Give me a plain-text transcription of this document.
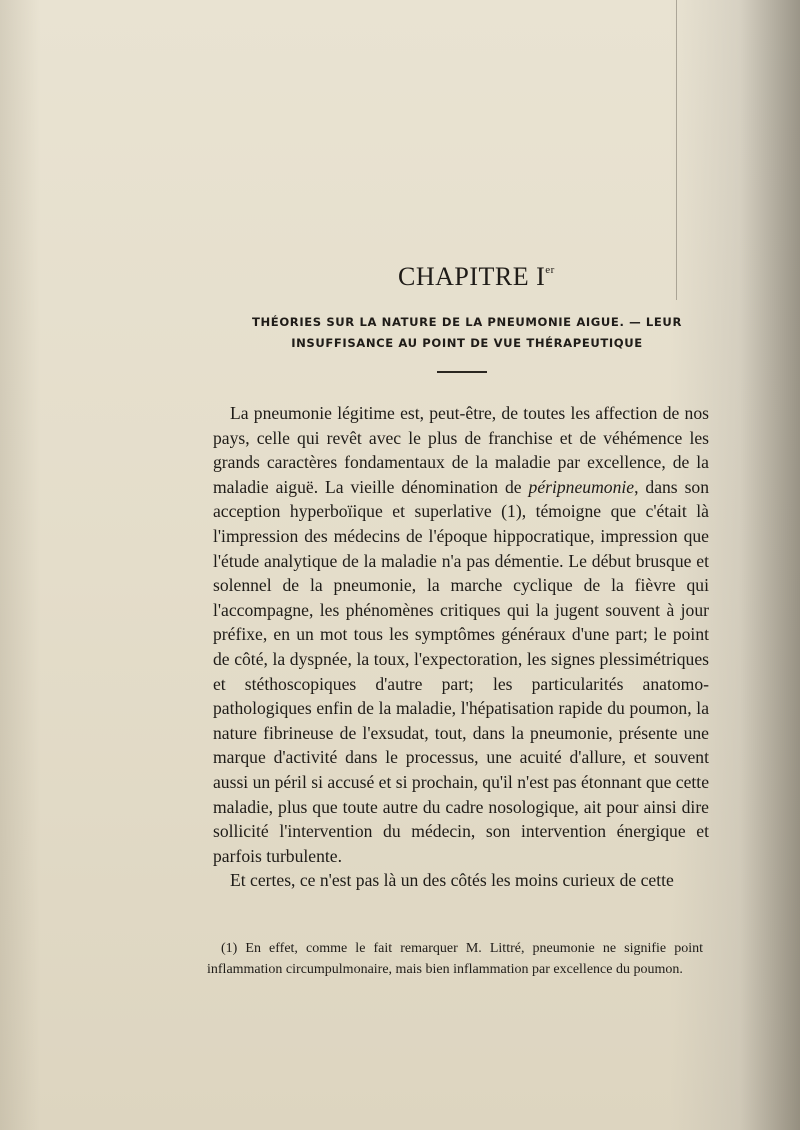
CHAPITRE Ier
THÉORIES SUR LA NATURE DE LA PNEUMONIE AIGUE. — LEUR
INSUFFISANCE AU POINT DE VUE THÉRAPEUTIQUE

La pneumonie légitime est, peut-être, de toutes les affection de nos pays, celle qui revêt avec le plus de franchise et de véhémence les grands caractères fondamentaux de la maladie par excellence, de la maladie aiguë. La vieille dénomination de péripneumonie, dans son acception hyperboïique et superlative (1), témoigne que c'était là l'impression des médecins de l'époque hippocratique, impression que l'étude analytique de la maladie n'a pas démentie. Le début brusque et solennel de la pneumonie, la marche cyclique de la fièvre qui l'accompagne, les phénomènes critiques qui la jugent souvent à jour préfixe, en un mot tous les symptômes généraux d'une part; le point de côté, la dyspnée, la toux, l'expectoration, les signes plessimétriques et stéthoscopiques d'autre part; les particularités anatomo-pathologiques enfin de la maladie, l'hépatisation rapide du poumon, la nature fibrineuse de l'exsudat, tout, dans la pneumonie, présente une marque d'activité dans le processus, une acuité d'allure, et souvent aussi un péril si accusé et si prochain, qu'il n'est pas étonnant que cette maladie, plus que toute autre du cadre nosologique, ait pour ainsi dire sollicité l'intervention du médecin, son intervention énergique et parfois turbulente.

Et certes, ce n'est pas là un des côtés les moins curieux de cette

(1) En effet, comme le fait remarquer M. Littré, pneumonie ne signifie point inflammation circumpulmonaire, mais bien inflammation par excellence du poumon.
